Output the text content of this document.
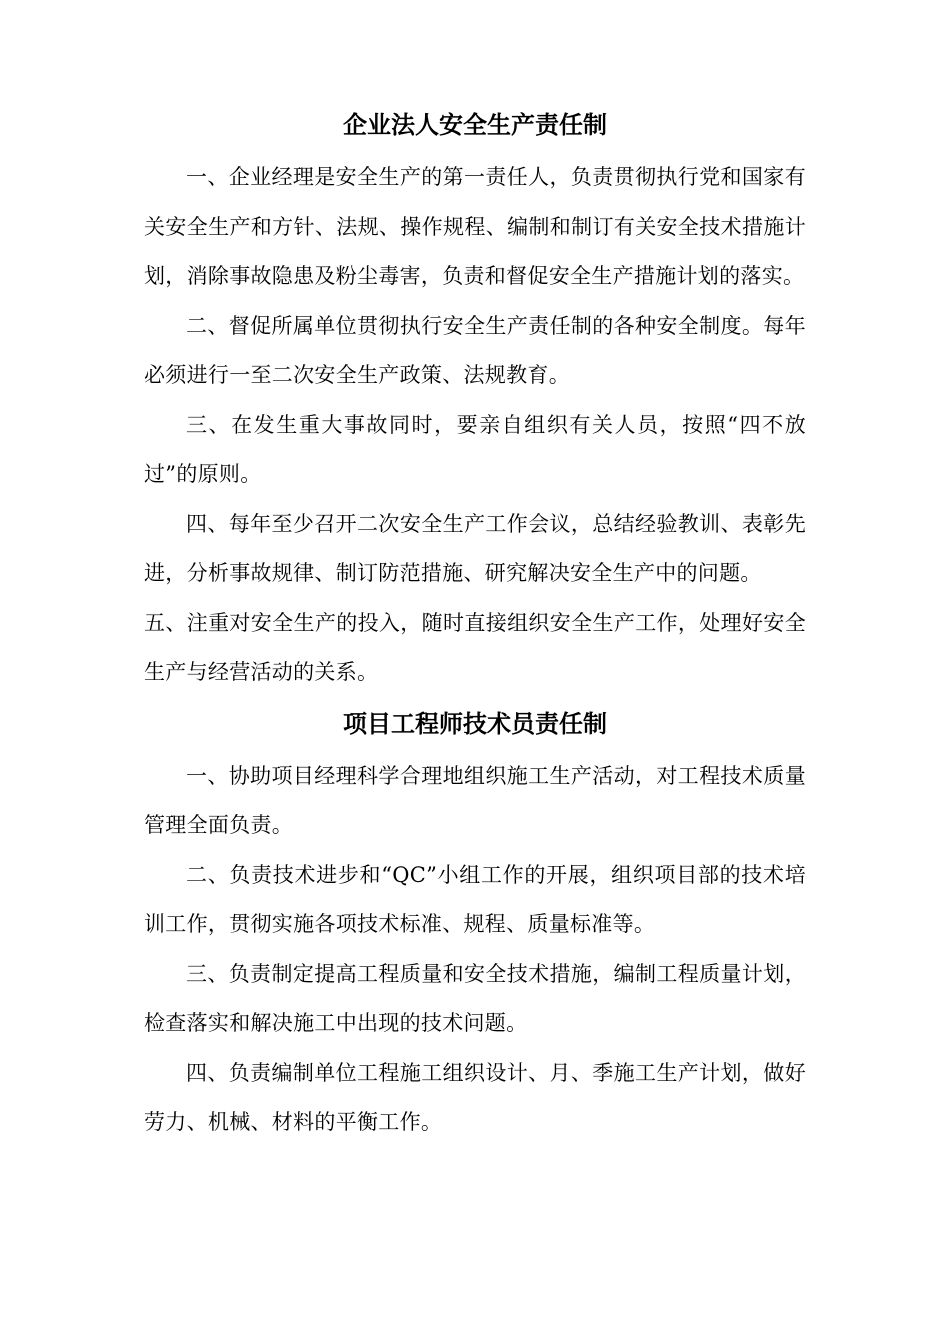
企业法人安全生产责任制

一、企业经理是安全生产的第一责任人，负责贯彻执行党和国家有关安全生产和方针、法规、操作规程、编制和制订有关安全技术措施计划，消除事故隐患及粉尘毒害，负责和督促安全生产措施计划的落实。

二、督促所属单位贯彻执行安全生产责任制的各种安全制度。每年必须进行一至二次安全生产政策、法规教育。

三、在发生重大事故同时，要亲自组织有关人员，按照“四不放过”的原则。

四、每年至少召开二次安全生产工作会议，总结经验教训、表彰先进，分析事故规律、制订防范措施、研究解决安全生产中的问题。

五、注重对安全生产的投入，随时直接组织安全生产工作，处理好安全生产与经营活动的关系。

项目工程师技术员责任制

一、协助项目经理科学合理地组织施工生产活动，对工程技术质量管理全面负责。

二、负责技术进步和“QC”小组工作的开展，组织项目部的技术培训工作，贯彻实施各项技术标准、规程、质量标准等。

三、负责制定提高工程质量和安全技术措施，编制工程质量计划，检查落实和解决施工中出现的技术问题。

四、负责编制单位工程施工组织设计、月、季施工生产计划，做好劳力、机械、材料的平衡工作。
